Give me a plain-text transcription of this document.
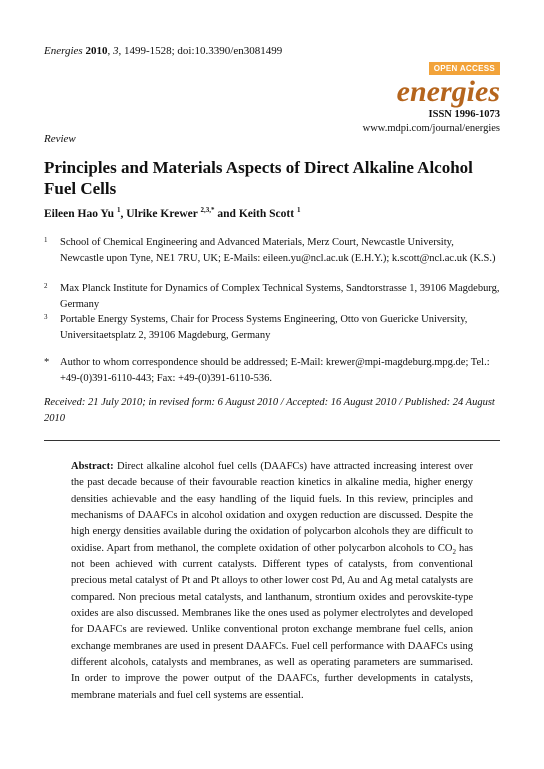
Energies 2010, 3, 1499-1528; doi:10.3390/en3081499
OPEN ACCESS
energies
ISSN 1996-1073
www.mdpi.com/journal/energies
Review
Principles and Materials Aspects of Direct Alkaline Alcohol Fuel Cells
Eileen Hao Yu $^1$, Ulrike Krewer $^{2,3,*}$ and Keith Scott $^1$
1 School of Chemical Engineering and Advanced Materials, Merz Court, Newcastle University, Newcastle upon Tyne, NE1 7RU, UK; E-Mails: eileen.yu@ncl.ac.uk (E.H.Y.); k.scott@ncl.ac.uk (K.S.)
2 Max Planck Institute for Dynamics of Complex Technical Systems, Sandtorstrasse 1, 39106 Magdeburg, Germany
3 Portable Energy Systems, Chair for Process Systems Engineering, Otto von Guericke University, Universitaetsplatz 2, 39106 Magdeburg, Germany
* Author to whom correspondence should be addressed; E-Mail: krewer@mpi-magdeburg.mpg.de; Tel.: +49-(0)391-6110-443; Fax: +49-(0)391-6110-536.
Received: 21 July 2010; in revised form: 6 August 2010 / Accepted: 16 August 2010 / Published: 24 August 2010
Abstract: Direct alkaline alcohol fuel cells (DAAFCs) have attracted increasing interest over the past decade because of their favourable reaction kinetics in alkaline media, higher energy densities achievable and the easy handling of the liquid fuels. In this review, principles and mechanisms of DAAFCs in alcohol oxidation and oxygen reduction are discussed. Despite the high energy densities available during the oxidation of polycarbon alcohols they are difficult to oxidise. Apart from methanol, the complete oxidation of other polycarbon alcohols to $CO_2$ has not been achieved with current catalysts. Different types of catalysts, from conventional precious metal catalyst of Pt and Pt alloys to other lower cost Pd, Au and Ag metal catalysts are compared. Non precious metal catalysts, and lanthanum, strontium oxides and perovskite-type oxides are also discussed. Membranes like the ones used as polymer electrolytes and developed for DAAFCs are reviewed. Unlike conventional proton exchange membrane fuel cells, anion exchange membranes are used in present DAAFCs. Fuel cell performance with DAAFCs using different alcohols, catalysts and membranes, as well as operating parameters are summarised. In order to improve the power output of the DAAFCs, further developments in catalysts, membrane materials and fuel cell systems are essential.
